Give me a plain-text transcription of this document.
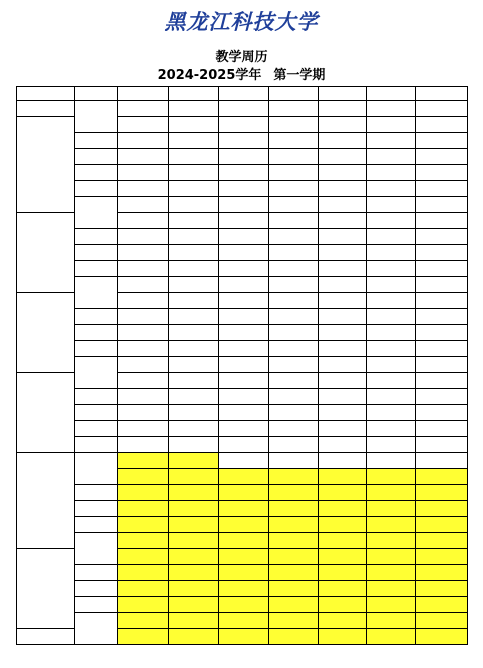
黑龙江科技大学
教学周历
2024-2025学年 第一学期
